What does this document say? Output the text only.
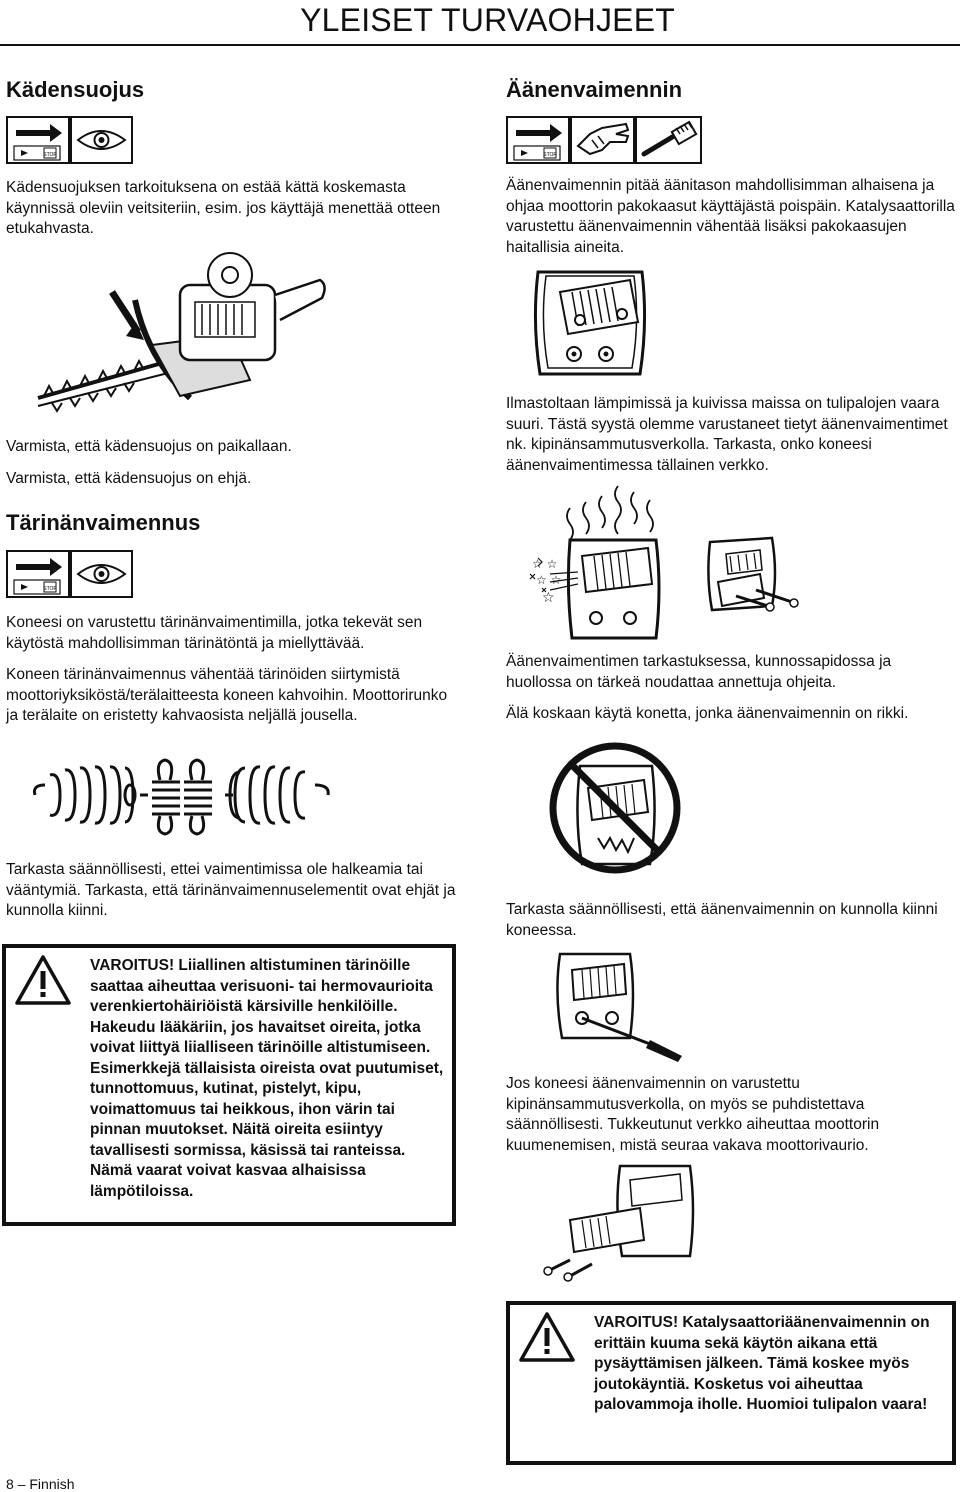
YLEISET TURVAOHJEET
Kädensuojus
STOP

Kädensuojuksen tarkoituksena on estää kättä koskemasta käynnissä oleviin veitsiteriin, esim. jos käyttäjä menettää otteen etukahvasta.

Varmista, että kädensuojus on paikallaan.

Varmista, että kädensuojus on ehjä.

Tärinänvaimennus
STOP

Koneesi on varustettu tärinänvaimentimilla, jotka tekevät sen käytöstä mahdollisimman tärinätöntä ja miellyttävää.

Koneen tärinänvaimennus vähentää tärinöiden siirtymistä moottoriyksiköstä/terälaitteesta koneen kahvoihin. Moottorirunko ja terälaite on eristetty kahvaosista neljällä jousella.

Tarkasta säännöllisesti, ettei vaimentimissa ole halkeamia tai vääntymiä. Tarkasta, että tärinänvaimennuselementit ovat ehjät ja kunnolla kiinni.

VAROITUS! Liiallinen altistuminen tärinöille saattaa aiheuttaa verisuoni- tai hermovaurioita verenkiertohäiriöistä kärsiville henkilöille. Hakeudu lääkäriin, jos havaitset oireita, jotka voivat liittyä liialliseen tärinöille altistumiseen. Esimerkkejä tällaisista oireista ovat puutumiset, tunnottomuus, kutinat, pistelyt, kipu, voimattomuus tai heikkous, ihon värin tai pinnan muutokset. Näitä oireita esiintyy tavallisesti sormissa, käsissä tai ranteissa. Nämä vaarat voivat kasvaa alhaisissa lämpötiloissa.
Äänenvaimennin
STOP

Äänenvaimennin pitää äänitason mahdollisimman alhaisena ja ohjaa moottorin pakokaasut käyttäjästä poispäin. Katalysaattorilla varustettu äänenvaimennin vähentää lisäksi pakokaasujen haitallisia aineita.

Ilmastoltaan lämpimissä ja kuivissa maissa on tulipalojen vaara suuri. Tästä syystä olemme varustaneet tietyt äänenvaimentimet nk. kipinänsammutusverkolla. Tarkasta, onko koneesi äänenvaimentimessa tällainen verkko.

☆ ☆
☆ ☆
☆

Äänenvaimentimen tarkastuksessa, kunnossapidossa ja huollossa on tärkeä noudattaa annettuja ohjeita.

Älä koskaan käytä konetta, jonka äänenvaimennin on rikki.

Tarkasta säännöllisesti, että äänenvaimennin on kunnolla kiinni koneessa.

Jos koneesi äänenvaimennin on varustettu kipinänsammutusverkolla, on myös se puhdistettava säännöllisesti. Tukkeutunut verkko aiheuttaa moottorin kuumenemisen, mistä seuraa vakava moottorivaurio.

VAROITUS! Katalysaattoriäänenvaimennin on erittäin kuuma sekä käytön aikana että pysäyttämisen jälkeen. Tämä koskee myös joutokäyntiä. Kosketus voi aiheuttaa palovammoja iholle. Huomioi tulipalon vaara!
8 – Finnish
